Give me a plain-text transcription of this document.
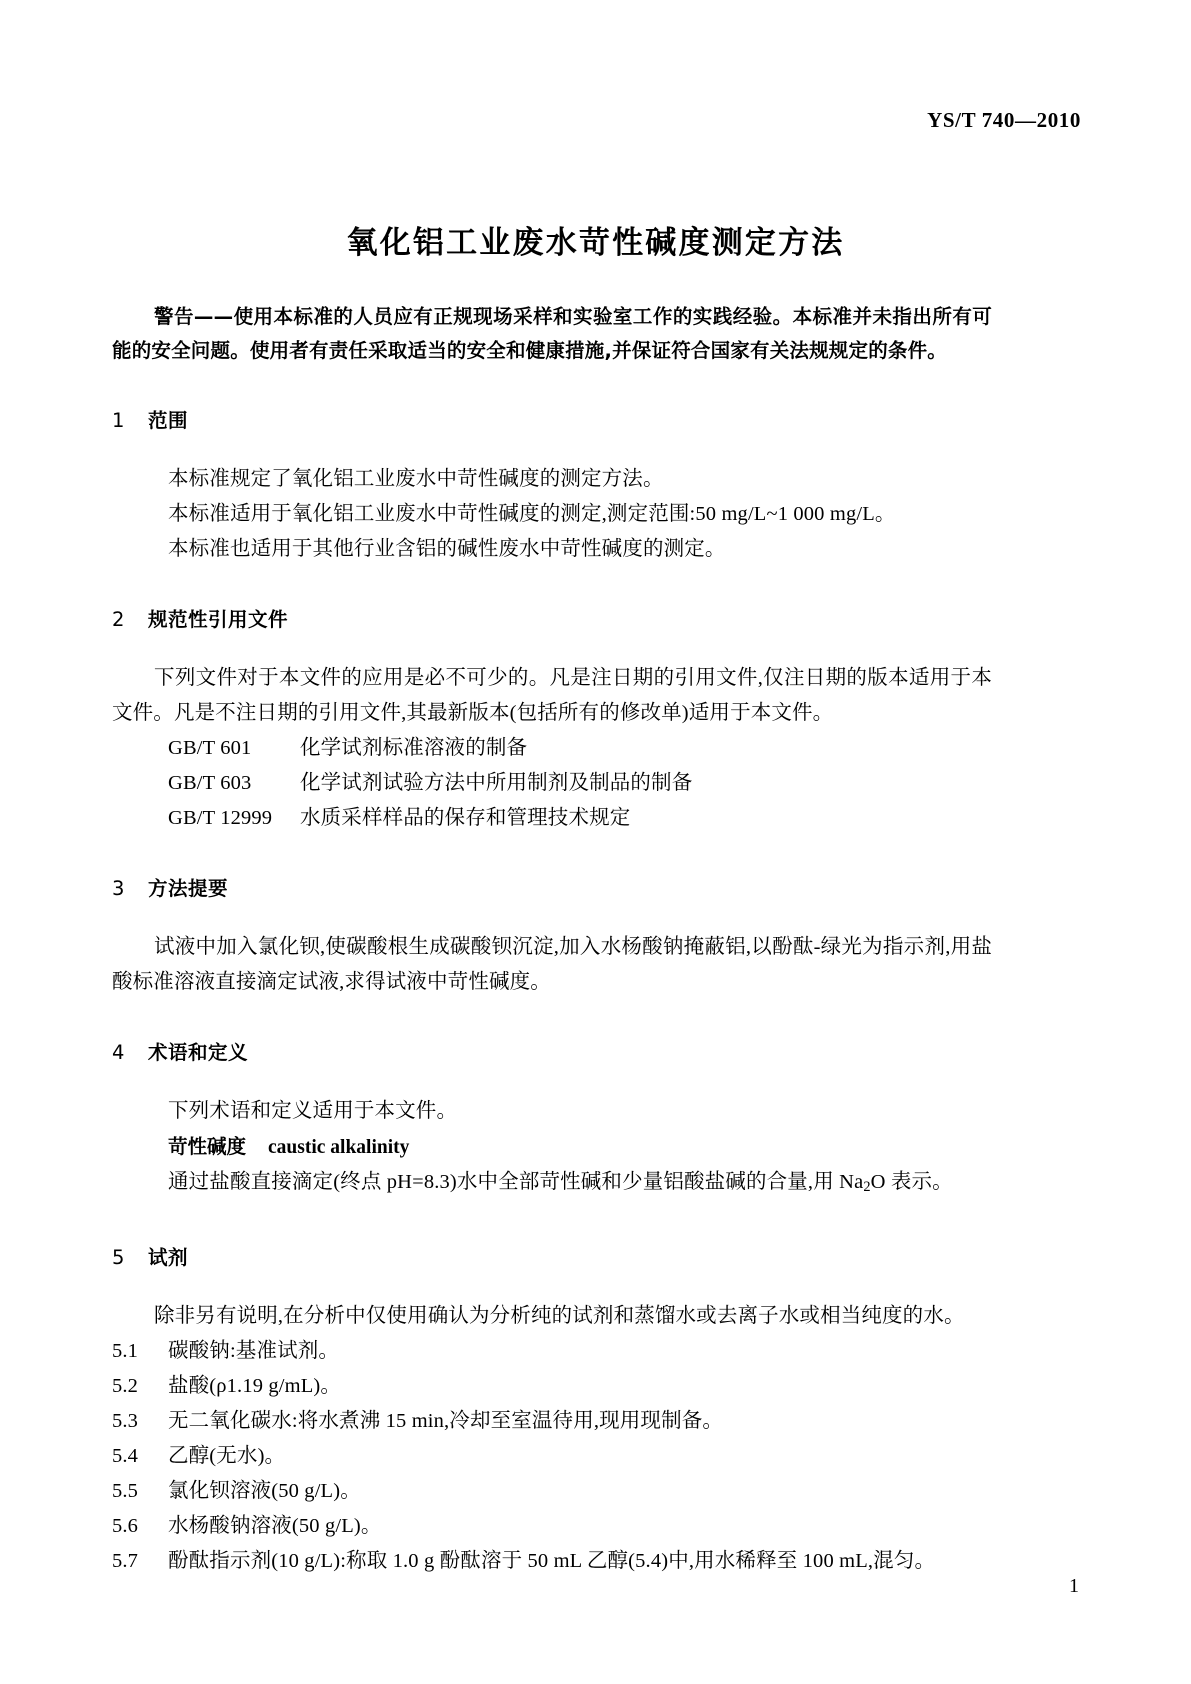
YS/T 740—2010
氧化铝工业废水苛性碱度测定方法

警告——使用本标准的人员应有正规现场采样和实验室工作的实践经验。本标准并未指出所有可能的安全问题。使用者有责任采取适当的安全和健康措施,并保证符合国家有关法规规定的条件。

1 范围

本标准规定了氧化铝工业废水中苛性碱度的测定方法。

本标准适用于氧化铝工业废水中苛性碱度的测定,测定范围:50 mg/L~1 000 mg/L。

本标准也适用于其他行业含铝的碱性废水中苛性碱度的测定。

2 规范性引用文件

下列文件对于本文件的应用是必不可少的。凡是注日期的引用文件,仅注日期的版本适用于本文件。凡是不注日期的引用文件,其最新版本(包括所有的修改单)适用于本文件。

GB/T 601 化学试剂标准溶液的制备

GB/T 603 化学试剂试验方法中所用制剂及制品的制备

GB/T 12999 水质采样样品的保存和管理技术规定

3 方法提要

试液中加入氯化钡,使碳酸根生成碳酸钡沉淀,加入水杨酸钠掩蔽铝,以酚酞-绿光为指示剂,用盐酸标准溶液直接滴定试液,求得试液中苛性碱度。

4 术语和定义

下列术语和定义适用于本文件。

苛性碱度 caustic alkalinity

通过盐酸直接滴定(终点 pH=8.3)水中全部苛性碱和少量铝酸盐碱的合量,用 $Na_2O$ 表示。

5 试剂

除非另有说明,在分析中仅使用确认为分析纯的试剂和蒸馏水或去离子水或相当纯度的水。

5.1 碳酸钠:基准试剂。

5.2 盐酸(ρ1.19 g/mL)。

5.3 无二氧化碳水:将水煮沸 15 min,冷却至室温待用,现用现制备。

5.4 乙醇(无水)。

5.5 氯化钡溶液(50 g/L)。

5.6 水杨酸钠溶液(50 g/L)。

5.7 酚酞指示剂(10 g/L):称取 1.0 g 酚酞溶于 50 mL 乙醇(5.4)中,用水稀释至 100 mL,混匀。

1
